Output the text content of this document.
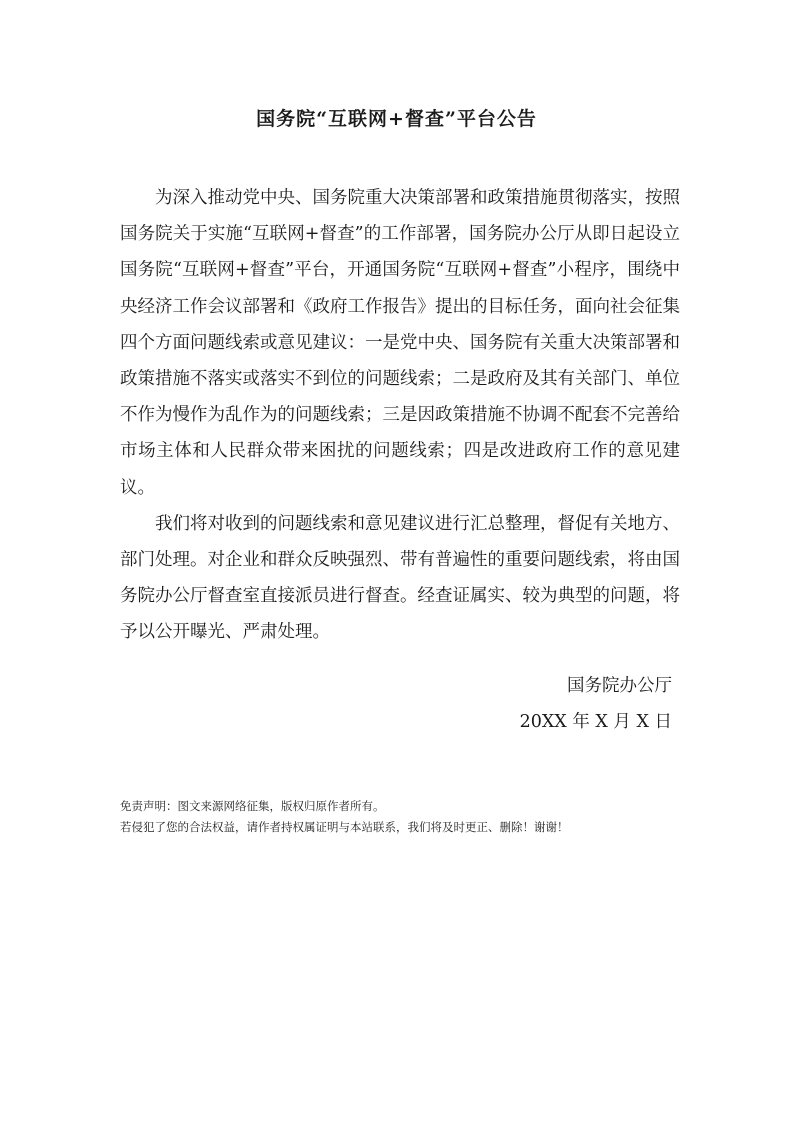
国务院“互联网+督查”平台公告

为深入推动党中央、国务院重大决策部署和政策措施贯彻落实，按照国务院关于实施“互联网+督查”的工作部署，国务院办公厅从即日起设立国务院“互联网+督查”平台，开通国务院“互联网+督查”小程序，围绕中央经济工作会议部署和《政府工作报告》提出的目标任务，面向社会征集四个方面问题线索或意见建议：一是党中央、国务院有关重大决策部署和政策措施不落实或落实不到位的问题线索；二是政府及其有关部门、单位不作为慢作为乱作为的问题线索；三是因政策措施不协调不配套不完善给市场主体和人民群众带来困扰的问题线索；四是改进政府工作的意见建议。

我们将对收到的问题线索和意见建议进行汇总整理，督促有关地方、部门处理。对企业和群众反映强烈、带有普遍性的重要问题线索，将由国务院办公厅督查室直接派员进行督查。经查证属实、较为典型的问题，将予以公开曝光、严肃处理。

国务院办公厅

20XX 年 X 月 X 日

免责声明：图文来源网络征集，版权归原作者所有。

若侵犯了您的合法权益，请作者持权属证明与本站联系，我们将及时更正、删除！谢谢！
